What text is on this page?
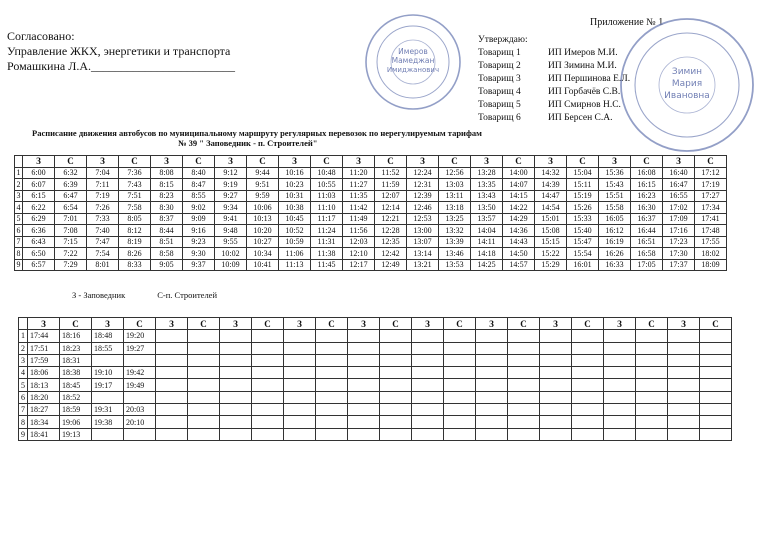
Приложение № 1
Согласовано:
Управление ЖКХ, энергетики и транспорта
Ромашкина Л.А.________________________
Утверждаю:
Товарищ 1	ИП Имеров М.И.
Товарищ 2	ИП Зимина М.И.
Товарищ 3	ИП Першинова Е.Л.
Товарищ 4	ИП Горбачёв С.В.
Товарищ 5	ИП Смирнов Н.С.
Товарищ 6	ИП Берсен С.А.
Имеров
Мамеджан
Имиджанович	Зимин
Мария
Ивановна
Расписание движения автобусов по муниципальному маршруту регулярных перевозок по нерегулируемым тарифам
№ 39 " Заповедник - п. Строителей"
	З	С	З	С	З	С	З	С	З	С	З	С	З	С	З	С	З	С	З	С	З	С
1	6:00	6:32	7:04	7:36	8:08	8:40	9:12	9:44	10:16	10:48	11:20	11:52	12:24	12:56	13:28	14:00	14:32	15:04	15:36	16:08	16:40	17:12
2	6:07	6:39	7:11	7:43	8:15	8:47	9:19	9:51	10:23	10:55	11:27	11:59	12:31	13:03	13:35	14:07	14:39	15:11	15:43	16:15	16:47	17:19
3	6:15	6:47	7:19	7:51	8:23	8:55	9:27	9:59	10:31	11:03	11:35	12:07	12:39	13:11	13:43	14:15	14:47	15:19	15:51	16:23	16:55	17:27
4	6:22	6:54	7:26	7:58	8:30	9:02	9:34	10:06	10:38	11:10	11:42	12:14	12:46	13:18	13:50	14:22	14:54	15:26	15:58	16:30	17:02	17:34
5	6:29	7:01	7:33	8:05	8:37	9:09	9:41	10:13	10:45	11:17	11:49	12:21	12:53	13:25	13:57	14:29	15:01	15:33	16:05	16:37	17:09	17:41
6	6:36	7:08	7:40	8:12	8:44	9:16	9:48	10:20	10:52	11:24	11:56	12:28	13:00	13:32	14:04	14:36	15:08	15:40	16:12	16:44	17:16	17:48
7	6:43	7:15	7:47	8:19	8:51	9:23	9:55	10:27	10:59	11:31	12:03	12:35	13:07	13:39	14:11	14:43	15:15	15:47	16:19	16:51	17:23	17:55
8	6:50	7:22	7:54	8:26	8:58	9:30	10:02	10:34	11:06	11:38	12:10	12:42	13:14	13:46	14:18	14:50	15:22	15:54	16:26	16:58	17:30	18:02
9	6:57	7:29	8:01	8:33	9:05	9:37	10:09	10:41	11:13	11:45	12:17	12:49	13:21	13:53	14:25	14:57	15:29	16:01	16:33	17:05	17:37	18:09
З - Заповедник	С-п. Строителей
	З	С	З	С	З	С	З	С	З	С	З	С	З	С	З	С	З	С	З	С	З	С
1	17:44	18:16	18:48	19:20																		
2	17:51	18:23	18:55	19:27																		
3	17:59	18:31																				
4	18:06	18:38	19:10	19:42																		
5	18:13	18:45	19:17	19:49																		
6	18:20	18:52																				
7	18:27	18:59	19:31	20:03																		
8	18:34	19:06	19:38	20:10																		
9	18:41	19:13																				
